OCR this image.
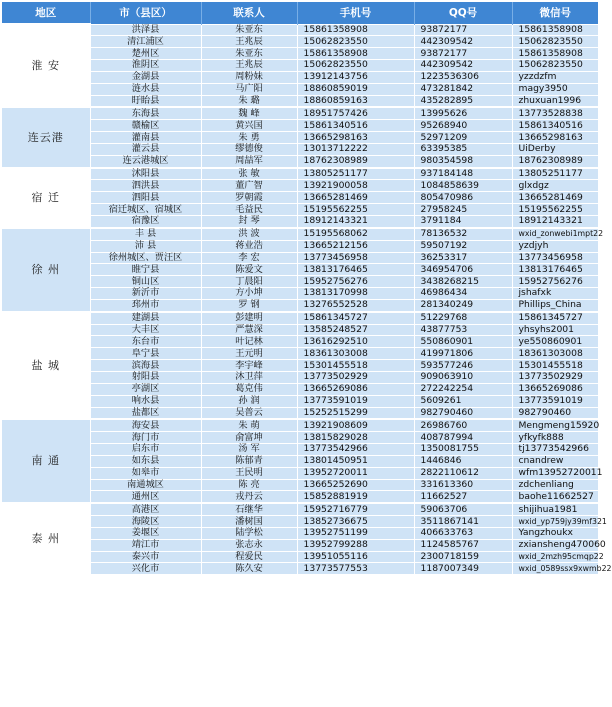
地区	市（县区）	联系人	手机号	QQ号	微信号
淮 安	洪泽县	朱亚东	15861358908	93872177	15861358908
	清江浦区	王兆辰	15062823550	442309542	15062823550
	楚州区	朱亚东	15861358908	93872177	15861358908
	淮阴区	王兆辰	15062823550	442309542	15062823550
	金湖县	周粉妹	13912143756	1223536306	yzzdzfm
	涟水县	马广阳	18860859019	473281842	magy3950
	盱眙县	朱 璐	18860859163	435282895	zhuxuan1996
连云港	东海县	魏 峰	18951757426	13995626	13773528838
	赣榆区	黄兴国	15861340516	95268940	15861340516
	灌南县	朱 勇	13665298163	52971209	13665298163
	灌云县	缪德俊	13013712222	63395385	UiDerby
	连云港城区	周喆军	18762308989	980354598	18762308989
宿 迁	沭阳县	张 敏	13805251177	937184148	13805251177
	泗洪县	董广智	13921900058	1084858639	glxdgz
	泗阳县	罗朝霞	13665281469	805470986	13665281469
	宿迁城区、宿城区	毛益民	15195562255	27958245	15195562255
	宿豫区	封 琴	18912143321	3791184	18912143321
徐 州	丰 县	洪 波	15195568062	78136532	wxid_zonwebi1mpt22
	沛 县	蒋业浩	13665212156	59507192	yzdjyh
	徐州城区、贾汪区	李 宏	13773456958	36253317	13773456958
	睢宁县	陈爱文	13813176465	346954706	13813176465
	铜山区	丁晨阳	15952756276	3438268215	15952756276
	新沂市	方小坤	13813170998	46986434	jshafxk
	邳州市	罗 钢	13276552528	281340249	Phillips_China
盐 城	建湖县	彭建明	15861345727	51229768	15861345727
	大丰区	严慧深	13585248527	43877753	yhsyhs2001
	东台市	叶记林	13616292510	550860901	ye550860901
	阜宁县	王元明	18361303008	419971806	18361303008
	滨海县	李宇峰	15301455518	593577246	15301455518
	射阳县	沐卫萍	13773502929	909063910	13773502929
	亭湖区	葛克伟	13665269086	272242254	13665269086
	响水县	孙 润	13773591019	5609261	13773591019
	盐都区	吴普云	15252515299	982790460	982790460
南 通	海安县	朱 萌	13921908609	26986760	Mengmeng15920
	海门市	俞富坤	13815829028	408787994	yfkyfk888
	启东市	汤 军	13773542966	1350081755	tj13773542966
	如东县	陈郁青	13801450951	1446846	cnandrew
	如皋市	王民明	13952720011	2822110612	wfm13952720011
	南通城区	陈 亮	13665252690	331613360	zdchenliang
	通州区	戎丹云	15852881919	11662527	baohe11662527
泰 州	高港区	石继华	15952716779	59063706	shijihua1981
	海陵区	潘树国	13852736675	3511867141	wxid_yp759jy39mf321
	姜堰区	陆学松	13952751199	406633763	Yangzhoukx
	靖江市	张志永	13952799288	1124585767	zxiansheng470060
	泰兴市	程爱民	13951055116	2300718159	wxid_2mzh95cmqp22
	兴化市	陈久安	13773577553	1187007349	wxid_0589ssx9xwmb22
